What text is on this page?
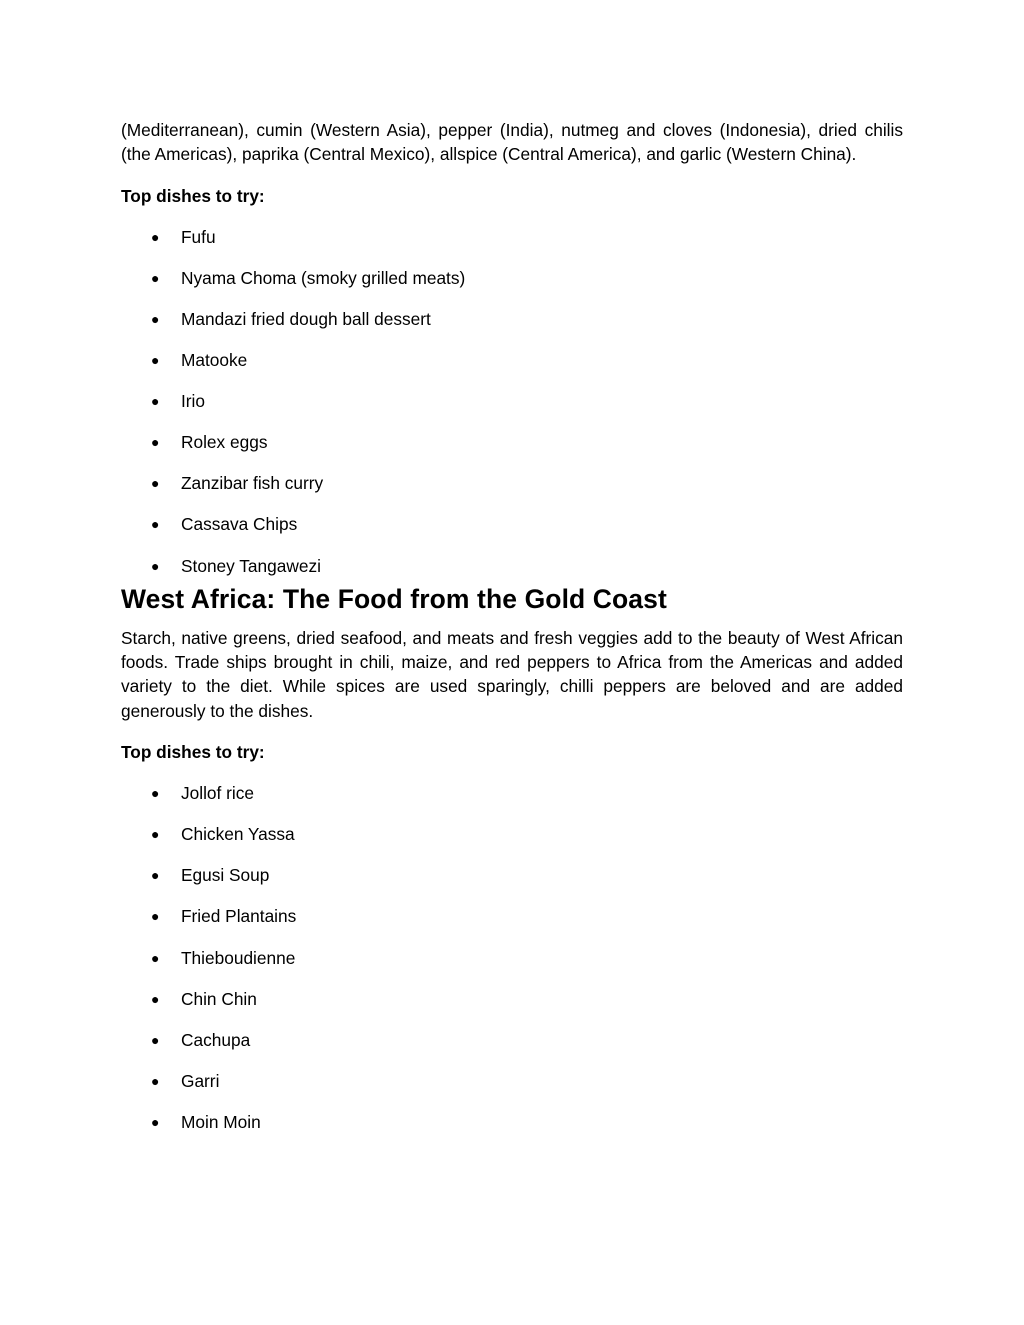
(Mediterranean), cumin (Western Asia), pepper (India), nutmeg and cloves (Indonesia), dried chilis (the Americas), paprika (Central Mexico), allspice (Central America), and garlic (Western China).

Top dishes to try:

● Fufu
● Nyama Choma (smoky grilled meats)
● Mandazi fried dough ball dessert
● Matooke
● Irio
● Rolex eggs
● Zanzibar fish curry
● Cassava Chips
● Stoney Tangawezi
West Africa: The Food from the Gold Coast

Starch, native greens, dried seafood, and meats and fresh veggies add to the beauty of West African foods. Trade ships brought in chili, maize, and red peppers to Africa from the Americas and added variety to the diet. While spices are used sparingly, chilli peppers are beloved and are added generously to the dishes.

Top dishes to try:

● Jollof rice
● Chicken Yassa
● Egusi Soup
● Fried Plantains
● Thieboudienne
● Chin Chin
● Cachupa
● Garri
● Moin Moin
